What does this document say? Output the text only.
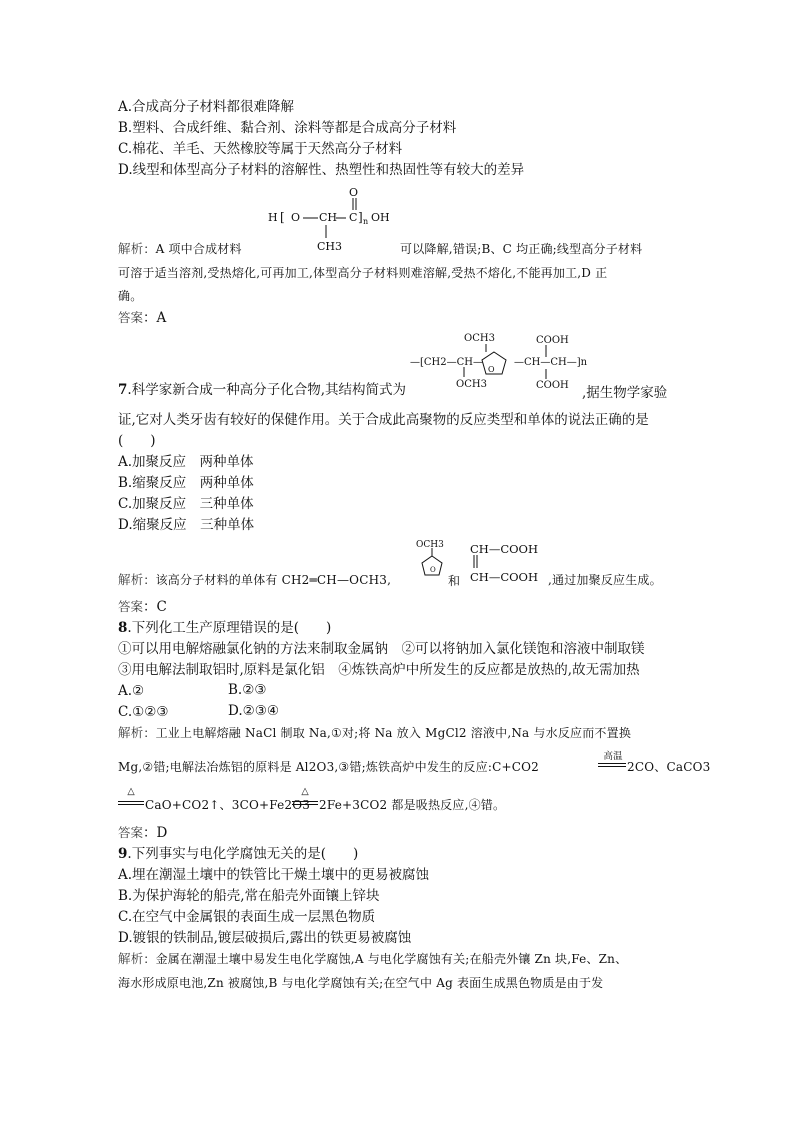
A.合成高分子材料都很难降解
B.塑料、合成纤维、黏合剂、涂料等都是合成高分子材料
C.棉花、羊毛、天然橡胶等属于天然高分子材料
D.线型和体型高分子材料的溶解性、热塑性和热固性等有较大的差异
O
H [ O CH C ] n OH
CH3
解析：A 项中合成材料	可以降解,错误;B、C 均正确;线型高分子材料
可溶于适当溶剂,受热熔化,可再加工,体型高分子材料则难溶解,受热不熔化,不能再加工,D 正
确。
答案：A
OCH3	COOH
—[CH2—CH—
O
—CH—CH—]n
OCH3	COOH
7.科学家新合成一种高分子化合物,其结构简式为	,据生物学家验
证,它对人类牙齿有较好的保健作用。关于合成此高聚物的反应类型和单体的说法正确的是
(　　)
A.加聚反应　两种单体
B.缩聚反应　两种单体
C.加聚反应　三种单体
D.缩聚反应　三种单体
OCH3
O
CH—COOH
CH—COOH
解析：该高分子材料的单体有 CH2═CH—OCH3,	和	,通过加聚反应生成。
答案：C
8.下列化工生产原理错误的是(　　)
①可以用电解熔融氯化钠的方法来制取金属钠　②可以将钠加入氯化镁饱和溶液中制取镁
③用电解法制取铝时,原料是氯化铝　④炼铁高炉中所发生的反应都是放热的,故无需加热
A.②	B.②③
C.①②③	D.②③④
解析：工业上电解熔融 NaCl 制取 Na,①对;将 Na 放入 MgCl2 溶液中,Na 与水反应而不置换
高温
Mg,②错;电解法冶炼铝的原料是 Al2O3,③错;炼铁高炉中发生的反应:C+CO2	2CO、CaCO3
△
CaO+CO2↑、3CO+Fe2O3
△
2Fe+3CO2 都是吸热反应,④错。
答案：D
9.下列事实与电化学腐蚀无关的是(　　)
A.埋在潮湿土壤中的铁管比干燥土壤中的更易被腐蚀
B.为保护海轮的船壳,常在船壳外面镶上锌块
C.在空气中金属银的表面生成一层黑色物质
D.镀银的铁制品,镀层破损后,露出的铁更易被腐蚀
解析：金属在潮湿土壤中易发生电化学腐蚀,A 与电化学腐蚀有关;在船壳外镶 Zn 块,Fe、Zn、
海水形成原电池,Zn 被腐蚀,B 与电化学腐蚀有关;在空气中 Ag 表面生成黑色物质是由于发
